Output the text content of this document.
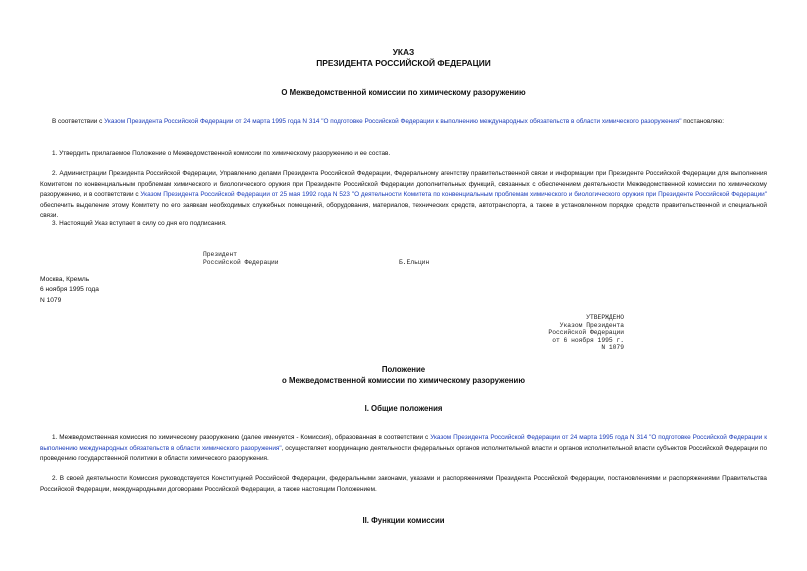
УКАЗ
ПРЕЗИДЕНТА РОССИЙСКОЙ ФЕДЕРАЦИИ
О Межведомственной комиссии по химическому разоружению
В соответствии с Указом Президента Российской Федерации от 24 марта 1995 года N 314 "О подготовке Российской Федерации к выполнению международных обязательств в области химического разоружения" постановляю:
1. Утвердить прилагаемое Положение о Межведомственной комиссии по химическому разоружению и ее состав.
2. Администрации Президента Российской Федерации, Управлению делами Президента Российской Федерации, Федеральному агентству правительственной связи и информации при Президенте Российской Федерации для выполнения Комитетом по конвенциальным проблемам химического и биологического оружия при Президенте Российской Федерации дополнительных функций, связанных с обеспечением деятельности Межведомственной комиссии по химическому разоружению, и в соответствии с Указом Президента Российской Федерации от 25 мая 1992 года N 523 "О деятельности Комитета по конвенциальным проблемам химического и биологического оружия при Президенте Российской Федерации" обеспечить выделение этому Комитету по его заявкам необходимых служебных помещений, оборудования, материалов, технических средств, автотранспорта, а также в установленном порядке средств правительственной и специальной связи.
3. Настоящий Указ вступает в силу со дня его подписания.
Президент
Российской Федерации	Б.Ельцин
Москва, Кремль
6 ноября 1995 года
N 1079
УТВЕРЖДЕНО
Указом Президента
Российской Федерации
от 6 ноября 1995 г.
N 1079
Положение
о Межведомственной комиссии по химическому разоружению
I. Общие положения
1. Межведомственная комиссия по химическому разоружению (далее именуется - Комиссия), образованная в соответствии с Указом Президента Российской Федерации от 24 марта 1995 года N 314 "О подготовке Российской Федерации к выполнению международных обязательств в области химического разоружения", осуществляет координацию деятельности федеральных органов исполнительной власти и органов исполнительной власти субъектов Российской Федерации по проведению государственной политики в области химического разоружения.
2. В своей деятельности Комиссия руководствуется Конституцией Российской Федерации, федеральными законами, указами и распоряжениями Президента Российской Федерации, постановлениями и распоряжениями Правительства Российской Федерации, международными договорами Российской Федерации, а также настоящим Положением.
II. Функции комиссии
